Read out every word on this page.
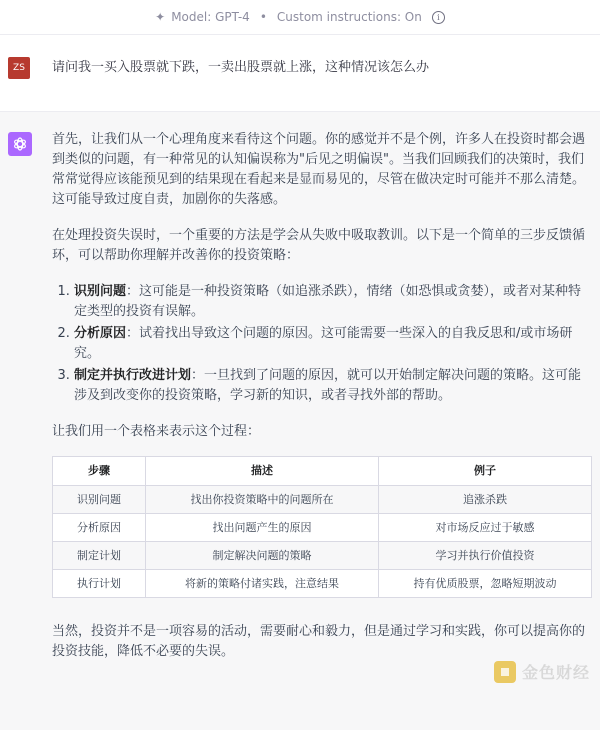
✦ Model: GPT-4 • Custom instructions: On	i
ZS	请问我一买入股票就下跌，一卖出股票就上涨，这种情况该怎么办

首先，让我们从一个心理角度来看待这个问题。你的感觉并不是个例，许多人在投资时都会遇到类似的问题，有一种常见的认知偏误称为"后见之明偏误"。当我们回顾我们的决策时，我们常常觉得应该能预见到的结果现在看起来是显而易见的，尽管在做决定时可能并不那么清楚。这可能导致过度自责，加剧你的失落感。

在处理投资失误时，一个重要的方法是学会从失败中吸取教训。以下是一个简单的三步反馈循环，可以帮助你理解并改善你的投资策略：

1. 识别问题：这可能是一种投资策略（如追涨杀跌），情绪（如恐惧或贪婪），或者对某种特定类型的投资有误解。
2. 分析原因：试着找出导致这个问题的原因。这可能需要一些深入的自我反思和/或市场研究。
3. 制定并执行改进计划：一旦找到了问题的原因，就可以开始制定解决问题的策略。这可能涉及到改变你的投资策略，学习新的知识，或者寻找外部的帮助。

让我们用一个表格来表示这个过程：

步骤	描述	例子
识别问题	找出你投资策略中的问题所在	追涨杀跌
分析原因	找出问题产生的原因	对市场反应过于敏感
制定计划	制定解决问题的策略	学习并执行价值投资
执行计划	将新的策略付诸实践，注意结果	持有优质股票，忽略短期波动

当然，投资并不是一项容易的活动，需要耐心和毅力，但是通过学习和实践，你可以提高你的投资技能，降低不必要的失误。

金色财经
